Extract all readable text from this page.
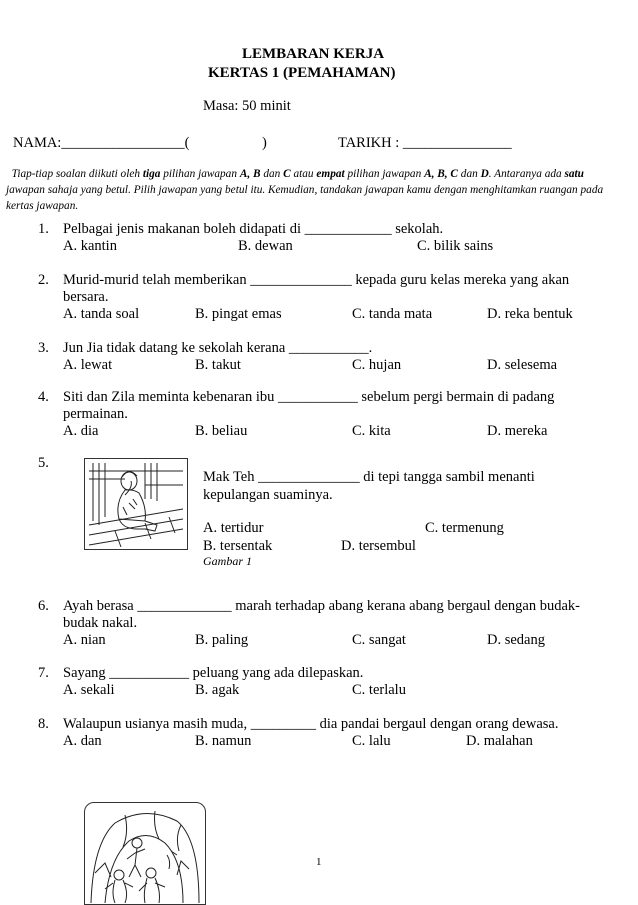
LEMBARAN KERJA
KERTAS 1 (PEMAHAMAN)
Masa: 50 minit
NAMA:_________________(	)	TARIKH : _______________
Tiap-tiap soalan diikuti oleh tiga pilihan jawapan A, B dan C atau empat pilihan jawapan A, B, C dan D. Antaranya ada satu jawapan sahaja yang betul. Pilih jawapan yang betul itu. Kemudian, tandakan jawapan kamu dengan menghitamkan ruangan pada kertas jawapan.
1. Pelbagai jenis makanan boleh didapati di ____________ sekolah.
A. kantin	B. dewan	C. bilik sains
2. Murid-murid telah memberikan ______________ kepada guru kelas mereka yang akan bersara.
A. tanda soal	B. pingat emas	C. tanda mata	D. reka bentuk
3. Jun Jia tidak datang ke sekolah kerana ___________.
A. lewat	B. takut	C. hujan	D. selesema
4. Siti dan Zila meminta kebenaran ibu ___________ sebelum pergi bermain di padang permainan.
A. dia	B. beliau	C. kita	D. mereka
5.
Mak Teh ______________ di tepi tangga sambil menanti
kepulangan suaminya.
A. tertidur	C. termenung
B. tersentak	D. tersembul
Gambar 1
6. Ayah berasa _____________ marah terhadap abang kerana abang bergaul dengan budak-budak nakal.
A. nian	B. paling	C. sangat	D. sedang
7. Sayang ___________ peluang yang ada dilepaskan.
A. sekali	B. agak	C. terlalu
8. Walaupun usianya masih muda, _________ dia pandai bergaul dengan orang dewasa.
A. dan	B. namun	C. lalu	D. malahan
1
